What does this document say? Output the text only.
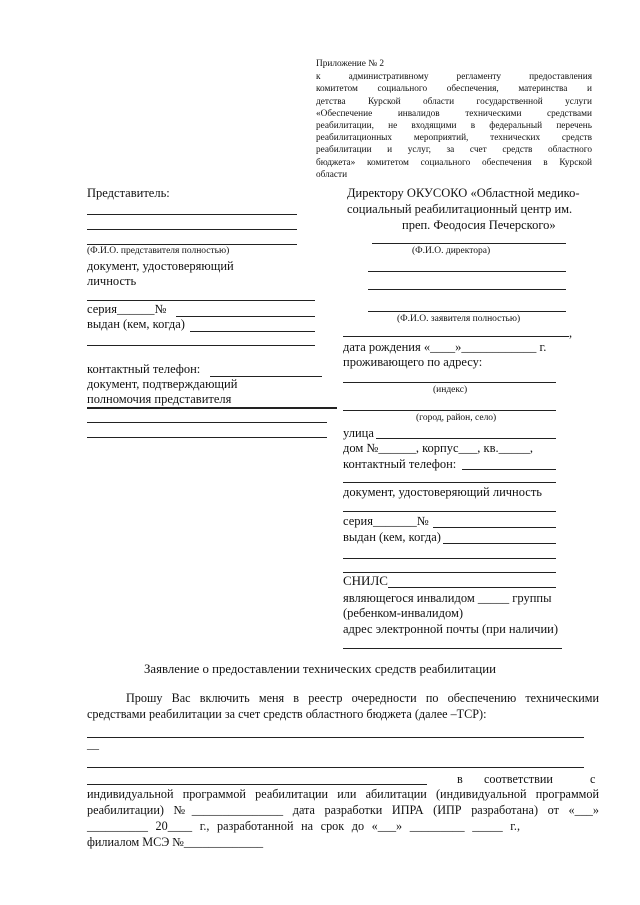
Приложение № 2
к административному регламенту предоставления
комитетом социального обеспечения, материнства и
детства Курской области государственной услуги
«Обеспечение инвалидов техническими средствами
реабилитации, не входящими в федеральный перечень
реабилитационных мероприятий, технических средств
реабилитации и услуг, за счет средств областного
бюджета» комитетом социального обеспечения в Курской
области
Представитель:
(Ф.И.О. представителя полностью)
документ, удостоверяющий
личность
серия______№
выдан (кем, когда)
контактный телефон:
документ, подтверждающий
полномочия представителя
Директору ОКУСОКО «Областной медико-
социальный реабилитационный центр им.
преп. Феодосия Печерского»
(Ф.И.О. директора)
(Ф.И.О. заявителя полностью)
,
дата рождения «____»____________ г.
проживающего по адресу:
(индекс)
(город, район, село)
улица
дом №______, корпус___, кв._____,
контактный телефон:
документ, удостоверяющий личность
серия_______№
выдан (кем, когда)
СНИЛС
являющегося инвалидом _____ группы
(ребенком-инвалидом)
адрес электронной почты (при наличии)
Заявление о предоставлении технических средств реабилитации
Прошу Вас включить меня в реестр очередности по обеспечению техническими
средствами реабилитации за счет средств областного бюджета (далее –ТСР):
__
в соответствии	с
индивидуальной программой реабилитации или абилитации (индивидуальной программой
реабилитации) №_______________ дата разработки ИПРА (ИПР разработана) от «___»
__________ 20____ г., разработанной на срок до «___» _________ _____ г.,
филиалом МСЭ №_____________
